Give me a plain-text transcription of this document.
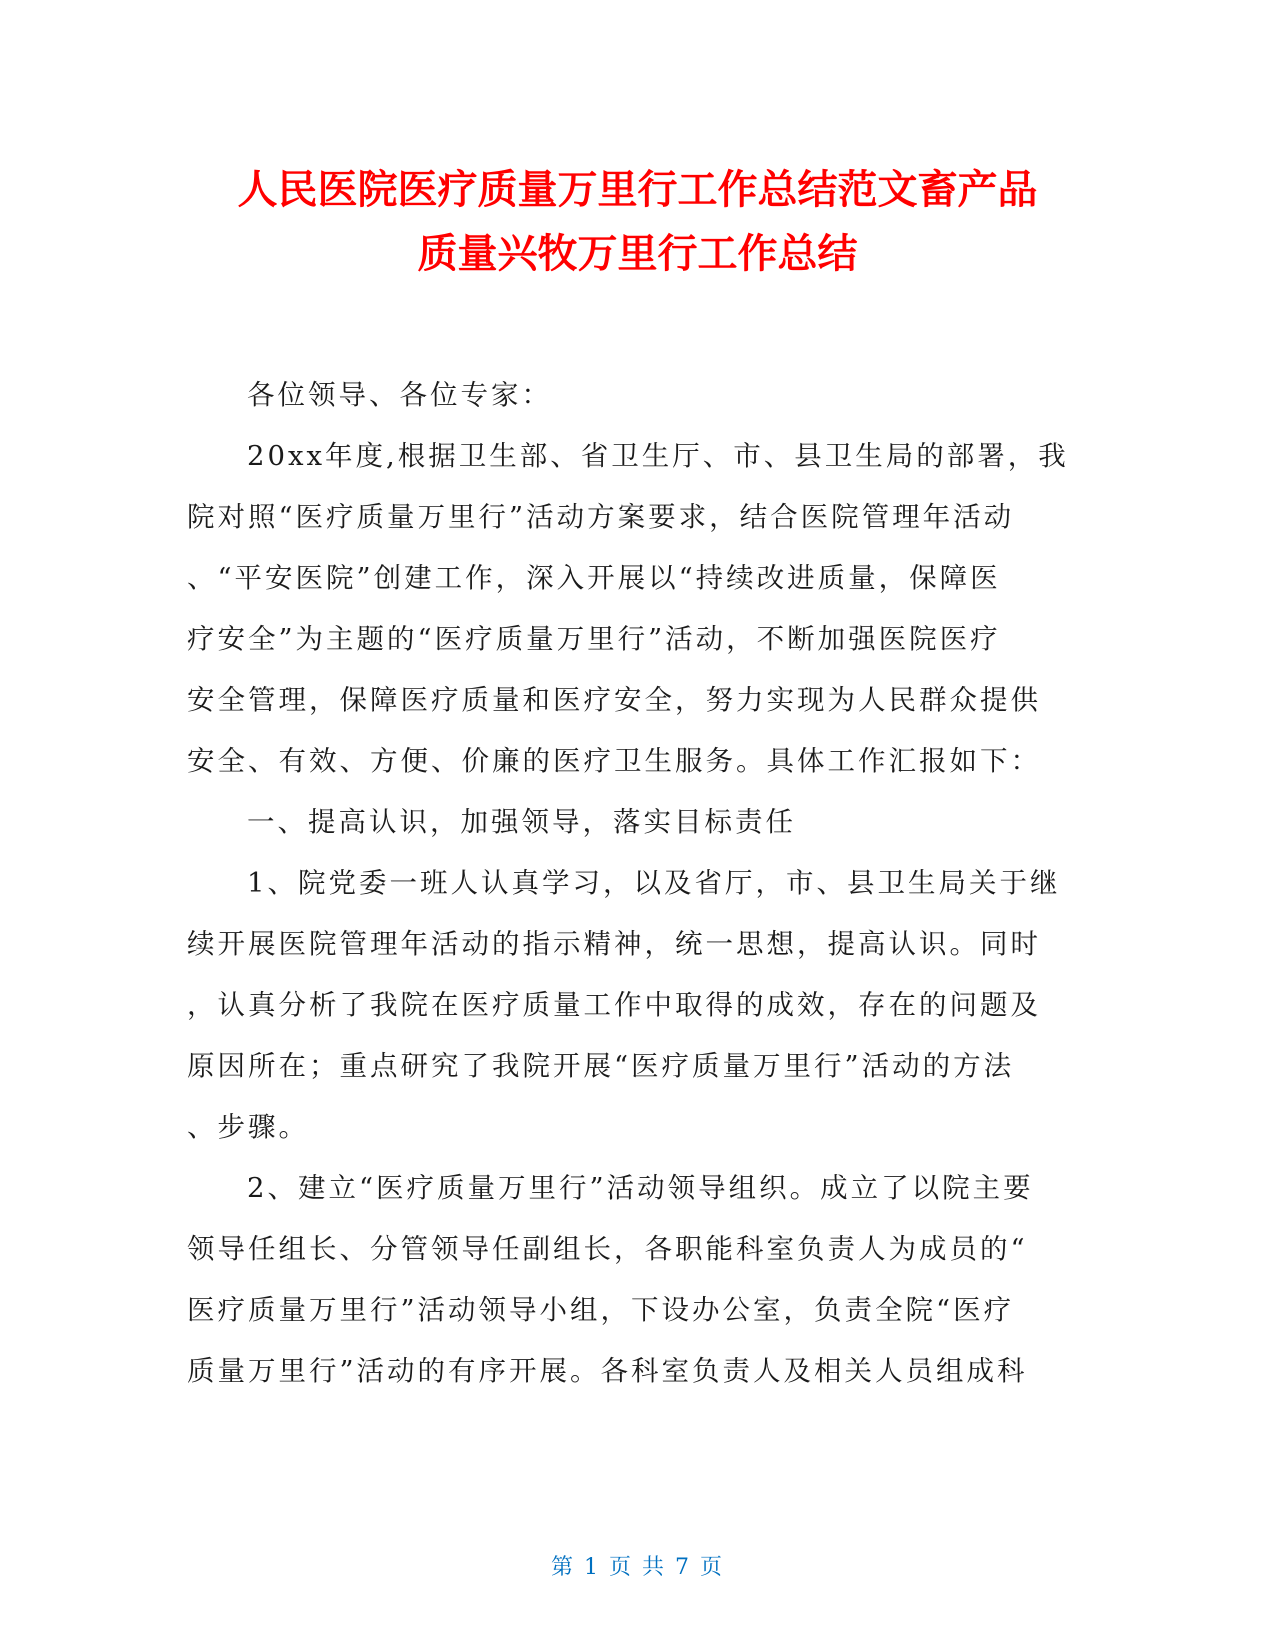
人民医院医疗质量万里行工作总结范文畜产品
质量兴牧万里行工作总结
各位领导、各位专家：
20xx年度,根据卫生部、省卫生厅、市、县卫生局的部署，我
院对照“医疗质量万里行”活动方案要求，结合医院管理年活动
、“平安医院”创建工作，深入开展以“持续改进质量，保障医
疗安全”为主题的“医疗质量万里行”活动，不断加强医院医疗
安全管理，保障医疗质量和医疗安全，努力实现为人民群众提供
安全、有效、方便、价廉的医疗卫生服务。具体工作汇报如下：
一、提高认识，加强领导，落实目标责任
1、院党委一班人认真学习，以及省厅，市、县卫生局关于继
续开展医院管理年活动的指示精神，统一思想，提高认识。同时
，认真分析了我院在医疗质量工作中取得的成效，存在的问题及
原因所在；重点研究了我院开展“医疗质量万里行”活动的方法
、步骤。
2、建立“医疗质量万里行”活动领导组织。成立了以院主要
领导任组长、分管领导任副组长，各职能科室负责人为成员的“
医疗质量万里行”活动领导小组，下设办公室，负责全院“医疗
质量万里行”活动的有序开展。各科室负责人及相关人员组成科
第 1 页 共 7 页
